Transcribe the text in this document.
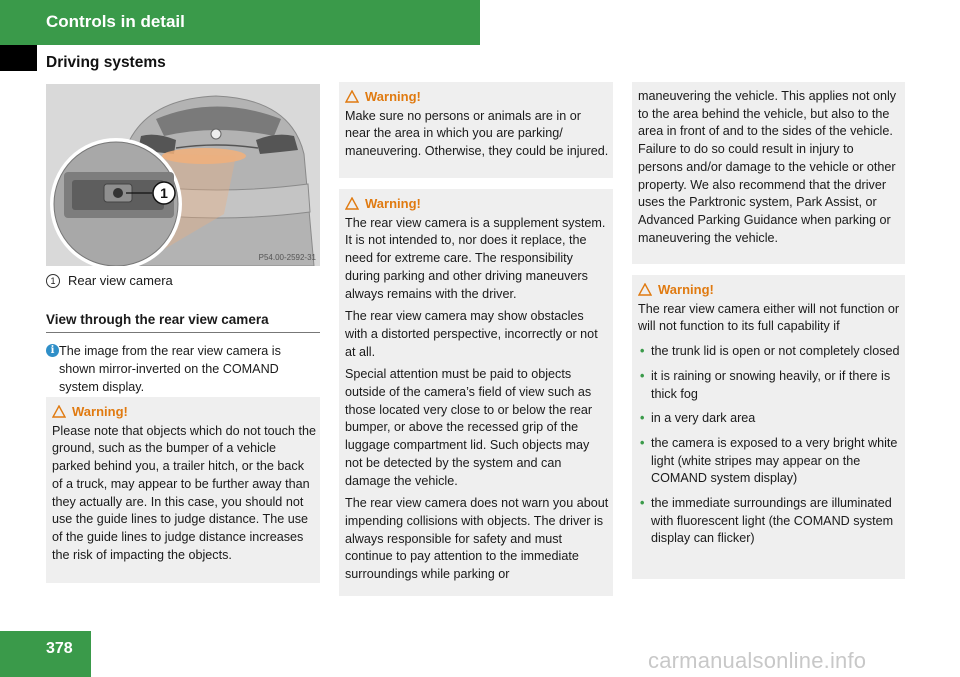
Controls in detail
Driving systems
1
P54.00-2592-31
1 Rear view camera
View through the rear view camera
i The image from the rear view camera is shown mirror-inverted on the COMAND system display.
Warning!

Please note that objects which do not touch the ground, such as the bumper of a vehicle parked behind you, a trailer hitch, or the back of a truck, may appear to be further away than they actually are. In this case, you should not use the guide lines to judge distance. The use of the guide lines to judge distance increases the risk of impacting the objects.

Warning!

Make sure no persons or animals are in or near the area in which you are parking/ maneuvering. Otherwise, they could be injured.

Warning!

The rear view camera is a supplement system. It is not intended to, nor does it replace, the need for extreme care. The responsibility during parking and other driving maneuvers always remains with the driver.

The rear view camera may show obstacles with a distorted perspective, incorrectly or not at all.

Special attention must be paid to objects outside of the camera’s field of view such as those located very close to or below the rear bumper, or above the recessed grip of the luggage compartment lid. Such objects may not be detected by the system and can damage the vehicle.

The rear view camera does not warn you about impending collisions with objects. The driver is always responsible for safety and must continue to pay attention to the immediate surroundings while parking or

maneuvering the vehicle. This applies not only to the area behind the vehicle, but also to the area in front of and to the sides of the vehicle. Failure to do so could result in injury to persons and/or damage to the vehicle or other property. We also recommend that the driver uses the Parktronic system, Park Assist, or Advanced Parking Guidance when parking or maneuvering the vehicle.

Warning!

The rear view camera either will not function or will not function to its full capability if

• the trunk lid is open or not completely closed
• it is raining or snowing heavily, or if there is thick fog
• in a very dark area
• the camera is exposed to a very bright white light (white stripes may appear on the COMAND system display)
• the immediate surroundings are illuminated with fluorescent light (the COMAND system display can flicker)
378	carmanualsonline.info
